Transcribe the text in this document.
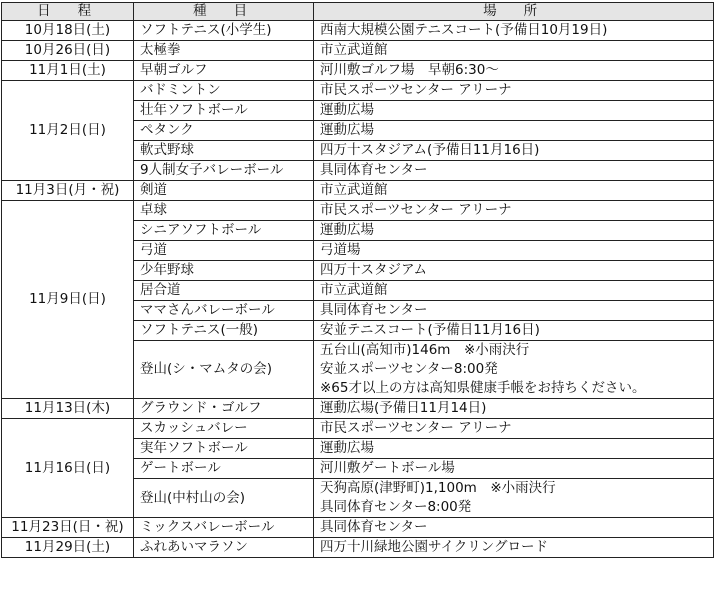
日　程	種　目	場　所
10月18日(土)	ソフトテニス(小学生)	西南大規模公園テニスコート(予備日10月19日)

10月26日(日)	太極拳	市立武道館

11月1日(土)	早朝ゴルフ	河川敷ゴルフ場　早朝6:30〜

11月2日(日)	バドミントン	市民スポーツセンター アリーナ

	壮年ソフトボール	運動広場

	ペタンク	運動広場

	軟式野球	四万十スタジアム(予備日11月16日)

	9人制女子バレーボール	具同体育センター

11月3日(月・祝)	剣道	市立武道館

11月9日(日)	卓球	市民スポーツセンター アリーナ

	シニアソフトボール	運動広場

	弓道	弓道場

	少年野球	四万十スタジアム

	居合道	市立武道館

	ママさんバレーボール	具同体育センター

	ソフトテニス(一般)	安並テニスコート(予備日11月16日)

	登山(シ・マムタの会)	五台山(高知市)146m　※小雨決行
安並スポーツセンター8:00発
※65才以上の方は高知県健康手帳をお持ちください。

11月13日(木)	グラウンド・ゴルフ	運動広場(予備日11月14日)

11月16日(日)	スカッシュバレー	市民スポーツセンター アリーナ

	実年ソフトボール	運動広場

	ゲートボール	河川敷ゲートボール場

	登山(中村山の会)	天狗高原(津野町)1,100m　※小雨決行
具同体育センター8:00発

11月23日(日・祝)	ミックスバレーボール	具同体育センター

11月29日(土)	ふれあいマラソン	四万十川緑地公園サイクリングロード
